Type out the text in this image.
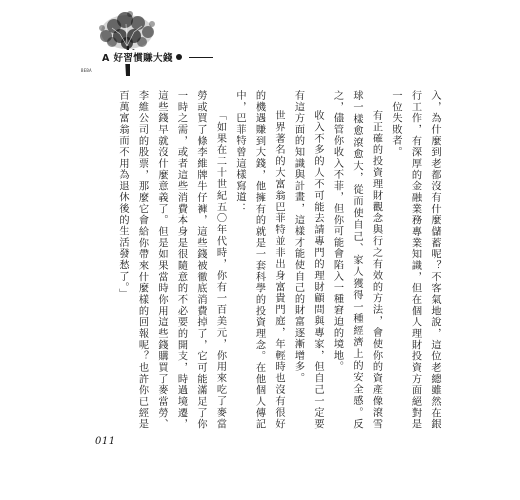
A 好習慣賺大錢
BEBA

入，為什麼到老都沒有什麼儲蓄呢？不客氣地說，這位老總雖然在銀行工作，有深厚的金融業務專業知識，但在個人理財投資方面絕對是一位失敗者。

有正確的投資理財觀念與行之有效的方法，會使你的資產像滾雪球一樣愈滾愈大，從而使自己、家人獲得一種經濟上的安全感。反之，儘管你收入不菲，但你可能會陷入一種窘迫的境地。

收入不多的人不可能去請專門的理財顧問與專家，但自己一定要有這方面的知識與計畫，這樣才能使自己的財富逐漸增多。

世界著名的大富翁巴菲特並非出身富貴門庭，年輕時也沒有很好的機遇賺到大錢，他擁有的就是一套科學的投資理念。在他個人傳記中，巴菲特曾這樣寫道：

「如果在二十世紀五〇年代時，你有一百美元，你用來吃了麥當勞或買了條李維牌牛仔褲，這些錢被徹底消費掉了，它可能滿足了你一時之需，或者這些消費本身是很隨意的不必要的開支，時過境遷，這些錢早就沒什麼意義了。但是如果當時你用這些錢購買了麥當勞、李維公司的股票，那麼它會給你帶來什麼樣的回報呢？也許你已經是百萬富翁而不用為退休後的生活發愁了。」

011
